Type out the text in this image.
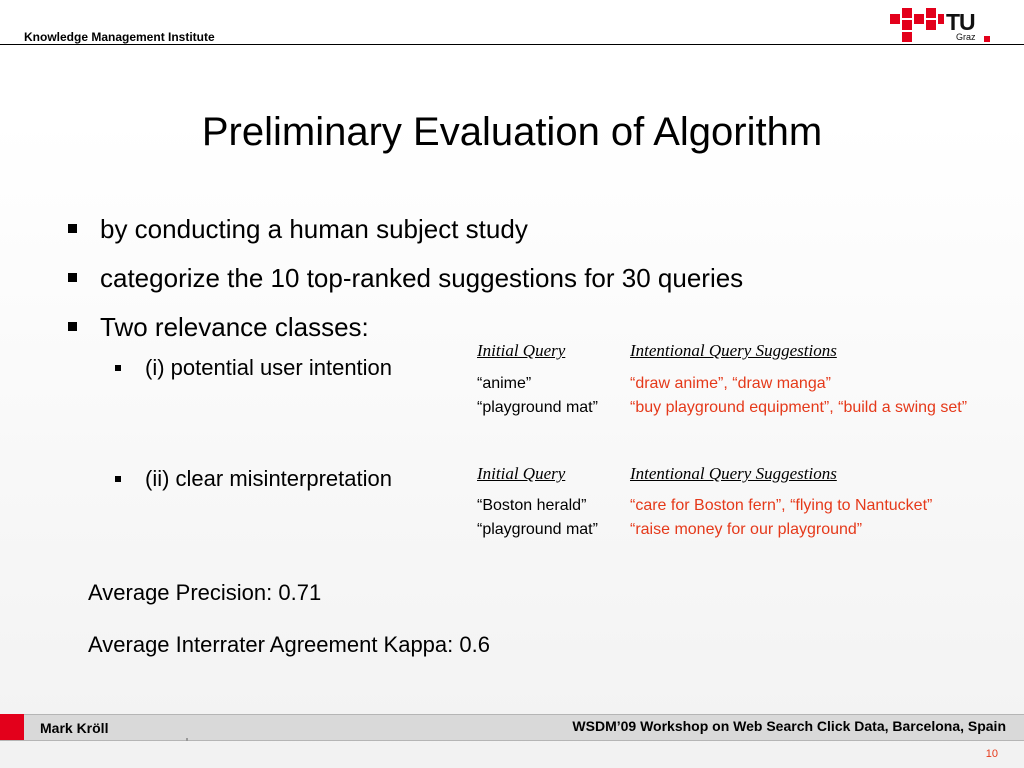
Knowledge Management Institute
TU
Graz
Preliminary Evaluation of Algorithm
by conducting a human subject study
categorize the 10 top-ranked suggestions for 30 queries
Two relevance classes:
(i) potential user intention
(ii) clear misinterpretation
Initial Query	Intentional Query Suggestions
“anime”	“draw anime”, “draw manga”
“playground mat” “buy playground equipment”, “build a swing set”
Initial Query	Intentional Query Suggestions
“Boston herald”	“care for Boston fern”, “flying to Nantucket”
“playground mat” “raise money for our playground”
Average Precision: 0.71
Average Interrater Agreement Kappa: 0.6
Mark Kröll	WSDM’09 Workshop on Web Search Click Data, Barcelona, Spain
10
